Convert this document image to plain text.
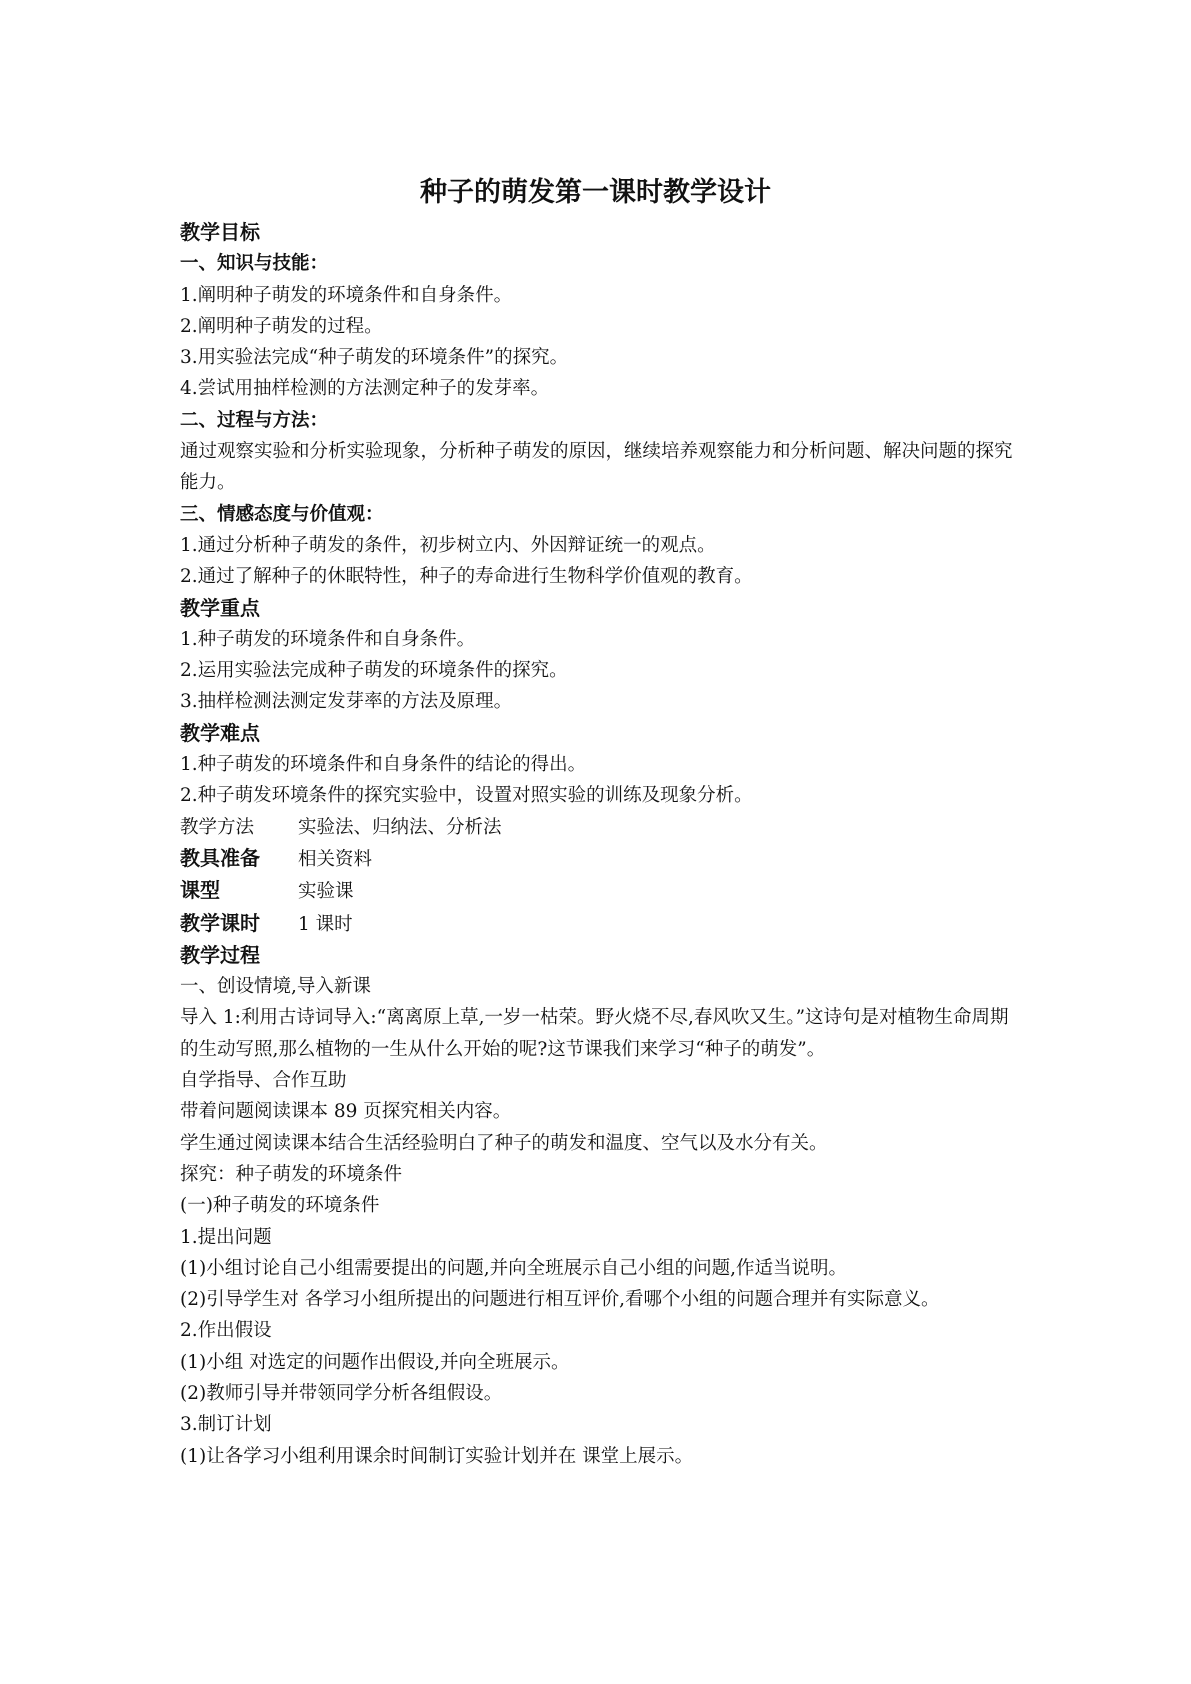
种子的萌发第一课时教学设计

教学目标

一、知识与技能：

1.阐明种子萌发的环境条件和自身条件。

2.阐明种子萌发的过程。

3.用实验法完成“种子萌发的环境条件”的探究。

4.尝试用抽样检测的方法测定种子的发芽率。

二、过程与方法：

通过观察实验和分析实验现象，分析种子萌发的原因，继续培养观察能力和分析问题、解决问题的探究能力。

三、情感态度与价值观：

1.通过分析种子萌发的条件，初步树立内、外因辩证统一的观点。

2.通过了解种子的休眠特性，种子的寿命进行生物科学价值观的教育。

教学重点

1.种子萌发的环境条件和自身条件。

2.运用实验法完成种子萌发的环境条件的探究。

3.抽样检测法测定发芽率的方法及原理。

教学难点

1.种子萌发的环境条件和自身条件的结论的得出。

2.种子萌发环境条件的探究实验中，设置对照实验的训练及现象分析。

教学方法 实验法、归纳法、分析法

教具准备 相关资料

课型	实验课

教学课时 1 课时

教学过程

一、创设情境,导入新课

导入 1:利用古诗词导入:“离离原上草,一岁一枯荣。野火烧不尽,春风吹又生。”这诗句是对植物生命周期的生动写照,那么植物的一生从什么开始的呢?这节课我们来学习“种子的萌发”。

自学指导、合作互助

带着问题阅读课本 89 页探究相关内容。

学生通过阅读课本结合生活经验明白了种子的萌发和温度、空气以及水分有关。

探究：种子萌发的环境条件

(一)种子萌发的环境条件

1.提出问题

(1)小组讨论自己小组需要提出的问题,并向全班展示自己小组的问题,作适当说明。

(2)引导学生对 各学习小组所提出的问题进行相互评价,看哪个小组的问题合理并有实际意义。

2.作出假设

(1)小组 对选定的问题作出假设,并向全班展示。

(2)教师引导并带领同学分析各组假设。

3.制订计划

(1)让各学习小组利用课余时间制订实验计划并在 课堂上展示。
